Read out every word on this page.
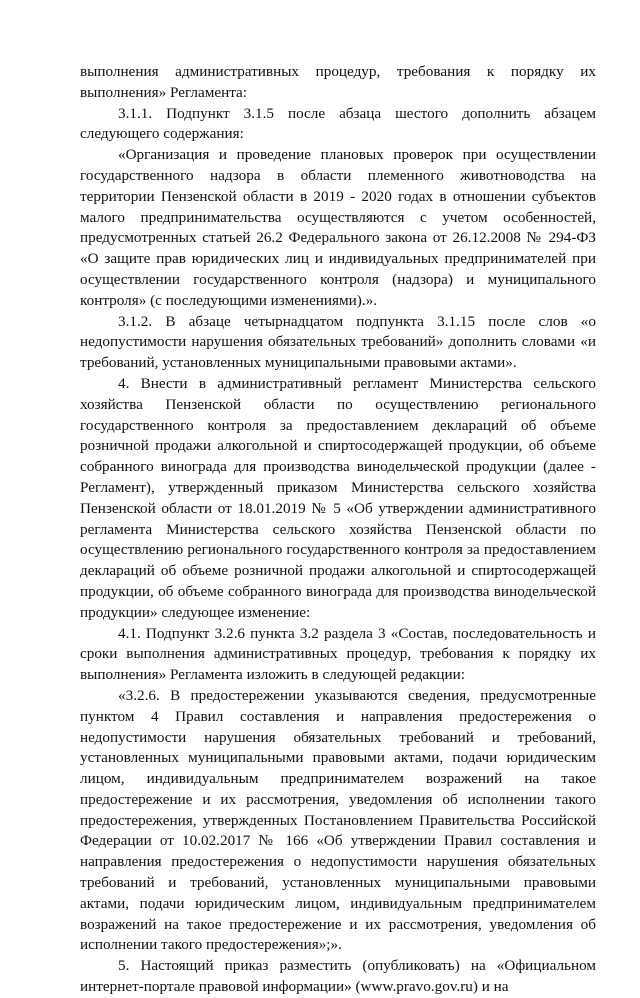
выполнения административных процедур, требования к порядку их выполнения» Регламента:

3.1.1. Подпункт 3.1.5 после абзаца шестого дополнить абзацем следующего содержания:

«Организация и проведение плановых проверок при осуществлении государственного надзора в области племенного животноводства на территории Пензенской области в 2019 - 2020 годах в отношении субъектов малого предпринимательства осуществляются с учетом особенностей, предусмотренных статьей 26.2 Федерального закона от 26.12.2008 № 294-ФЗ «О защите прав юридических лиц и индивидуальных предпринимателей при осуществлении государственного контроля (надзора) и муниципального контроля» (с последующими изменениями).».

3.1.2. В абзаце четырнадцатом подпункта 3.1.15 после слов «о недопустимости нарушения обязательных требований» дополнить словами «и требований, установленных муниципальными правовыми актами».

4. Внести в административный регламент Министерства сельского хозяйства Пензенской области по осуществлению регионального государственного контроля за предоставлением деклараций об объеме розничной продажи алкогольной и спиртосодержащей продукции, об объеме собранного винограда для производства винодельческой продукции (далее - Регламент), утвержденный приказом Министерства сельского хозяйства Пензенской области от 18.01.2019 № 5 «Об утверждении административного регламента Министерства сельского хозяйства Пензенской области по осуществлению регионального государственного контроля за предоставлением деклараций об объеме розничной продажи алкогольной и спиртосодержащей продукции, об объеме собранного винограда для производства винодельческой продукции» следующее изменение:

4.1. Подпункт 3.2.6 пункта 3.2 раздела 3 «Состав, последовательность и сроки выполнения административных процедур, требования к порядку их выполнения» Регламента изложить в следующей редакции:

«3.2.6. В предостережении указываются сведения, предусмотренные пунктом 4 Правил составления и направления предостережения о недопустимости нарушения обязательных требований и требований, установленных муниципальными правовыми актами, подачи юридическим лицом, индивидуальным предпринимателем возражений на такое предостережение и их рассмотрения, уведомления об исполнении такого предостережения, утвержденных Постановлением Правительства Российской Федерации от 10.02.2017 № 166 «Об утверждении Правил составления и направления предостережения о недопустимости нарушения обязательных требований и требований, установленных муниципальными правовыми актами, подачи юридическим лицом, индивидуальным предпринимателем возражений на такое предостережение и их рассмотрения, уведомления об исполнении такого предостережения»;».

5. Настоящий приказ разместить (опубликовать) на «Официальном интернет-портале правовой информации» (www.pravo.gov.ru) и на
